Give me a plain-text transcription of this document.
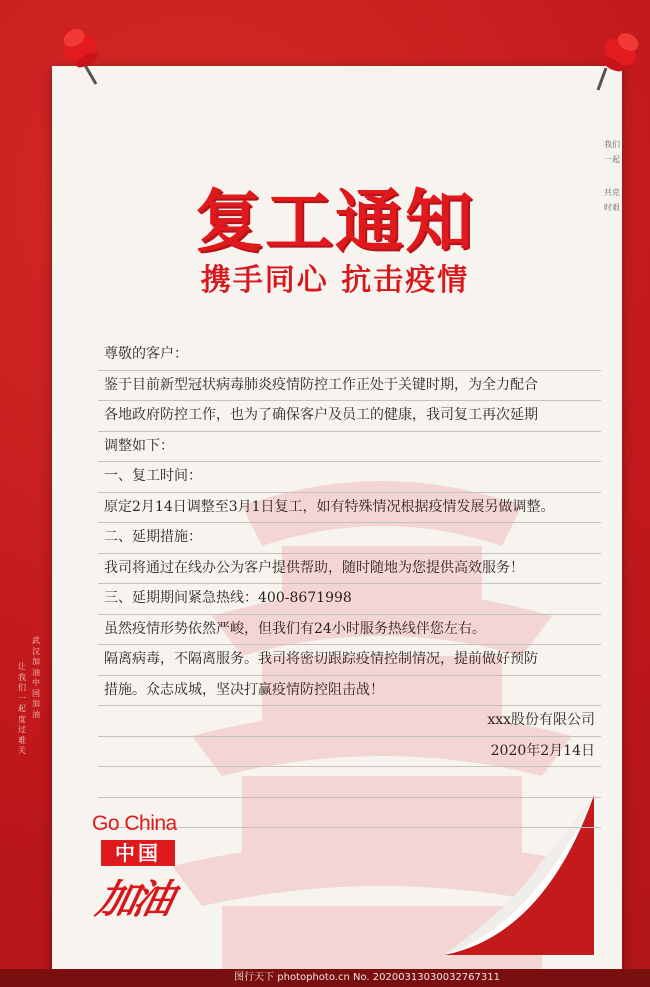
我们
一起
共克
时艰
武
汉
加
油
中
国
加
油
让
我
们
一
起
度
过
难
关
复工通知
携手同心 抗击疫情
尊敬的客户：
鉴于目前新型冠状病毒肺炎疫情防控工作正处于关键时期，为全力配合
各地政府防控工作，也为了确保客户及员工的健康，我司复工再次延期
调整如下：
一、复工时间：
原定2月14日调整至3月1日复工，如有特殊情况根据疫情发展另做调整。
二、延期措施：
我司将通过在线办公为客户提供帮助，随时随地为您提供高效服务！
三、延期期间紧急热线：400-8671998
虽然疫情形势依然严峻，但我们有24小时服务热线伴您左右。
隔离病毒，不隔离服务。我司将密切跟踪疫情控制情况，提前做好预防
措施。众志成城，坚决打赢疫情防控阻击战！
xxx股份有限公司
2020年2月14日
Go China
中国
加油
图行天下 photophoto.cn No. 20200313030032767311
